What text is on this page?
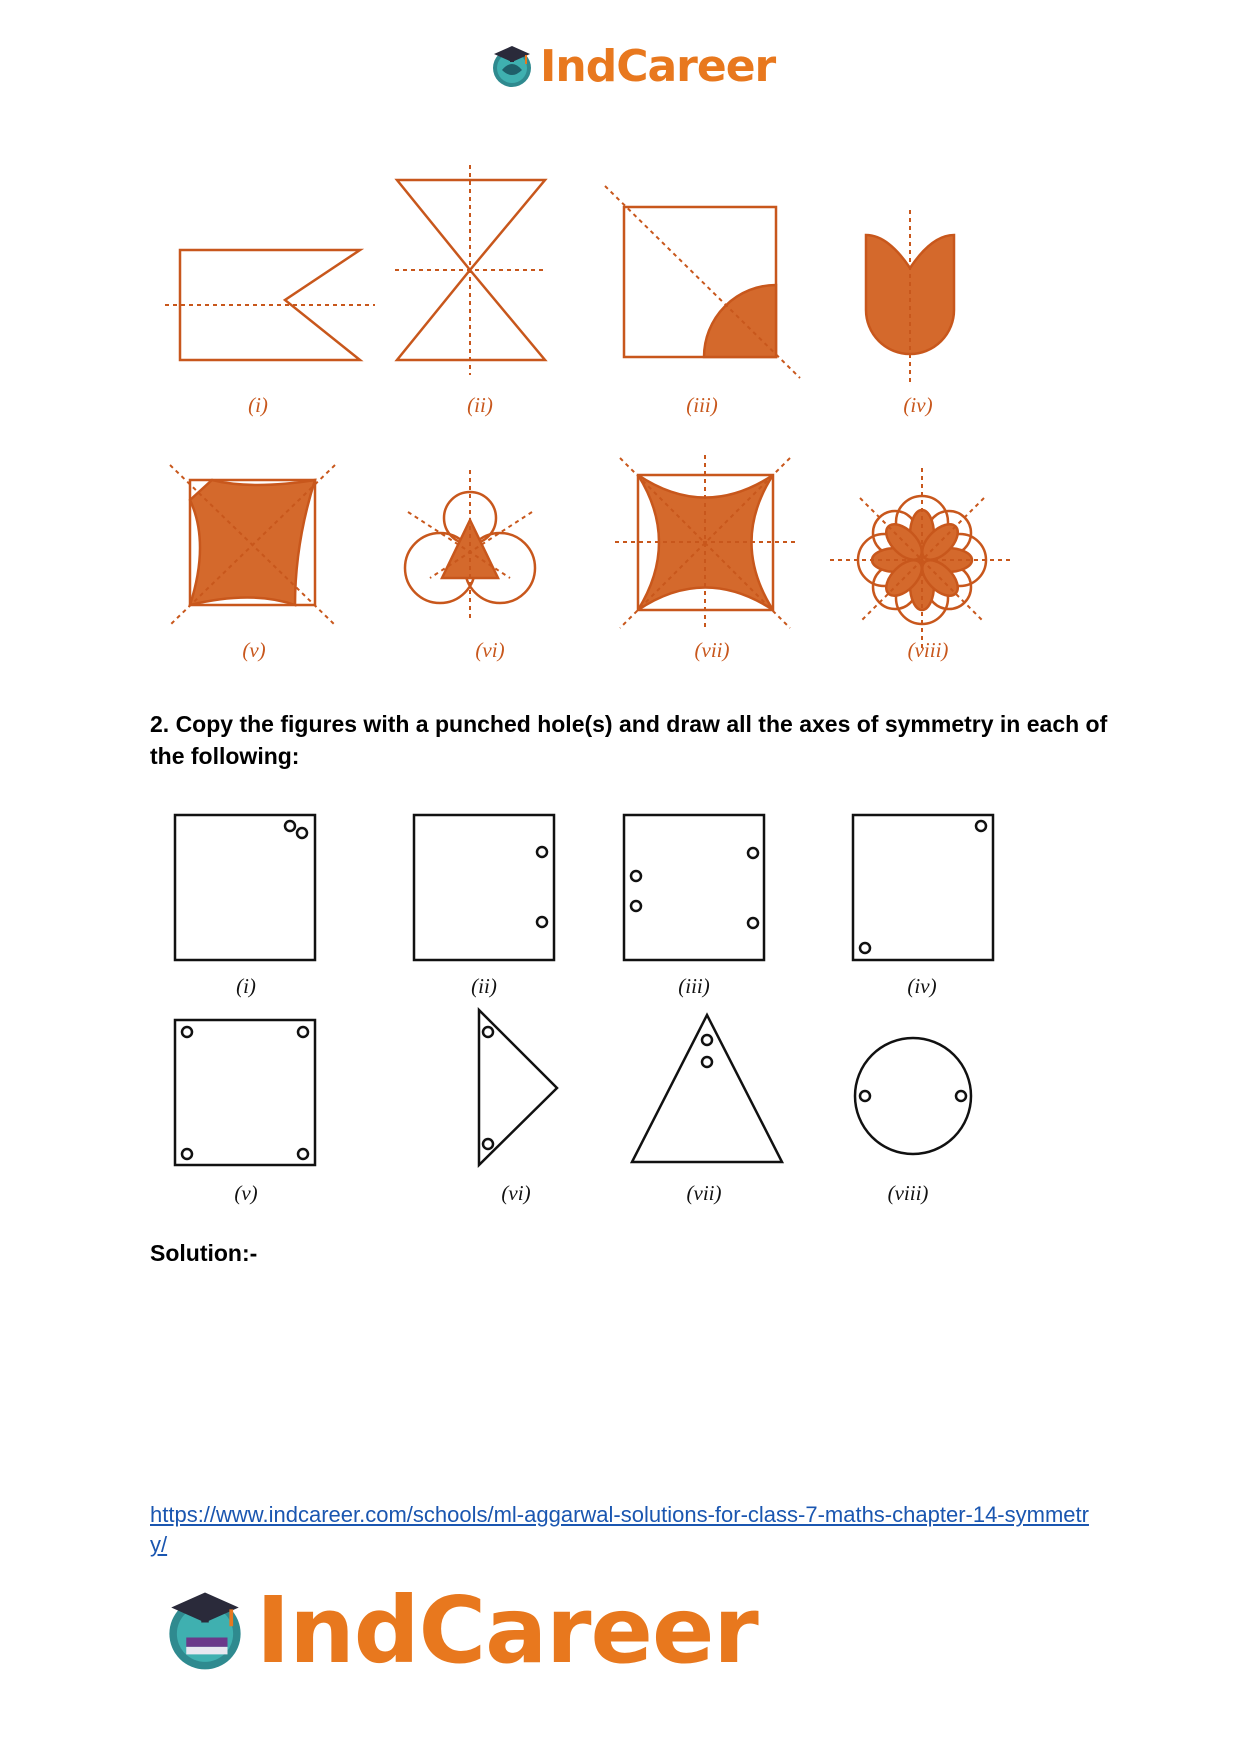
IndCareer
(i)	(ii)	(iii)	(iv)
(v)	(vi)	(vii)	(viii)
2. Copy the figures with a punched hole(s) and draw all the axes of symmetry in each of the following:
(i)	(ii)	(iii)	(iv)
(v)	(vi)	(vii)	(viii)
Solution:-
https://www.indcareer.com/schools/ml-aggarwal-solutions-for-class-7-maths-chapter-14-symmetry/
IndCareer
